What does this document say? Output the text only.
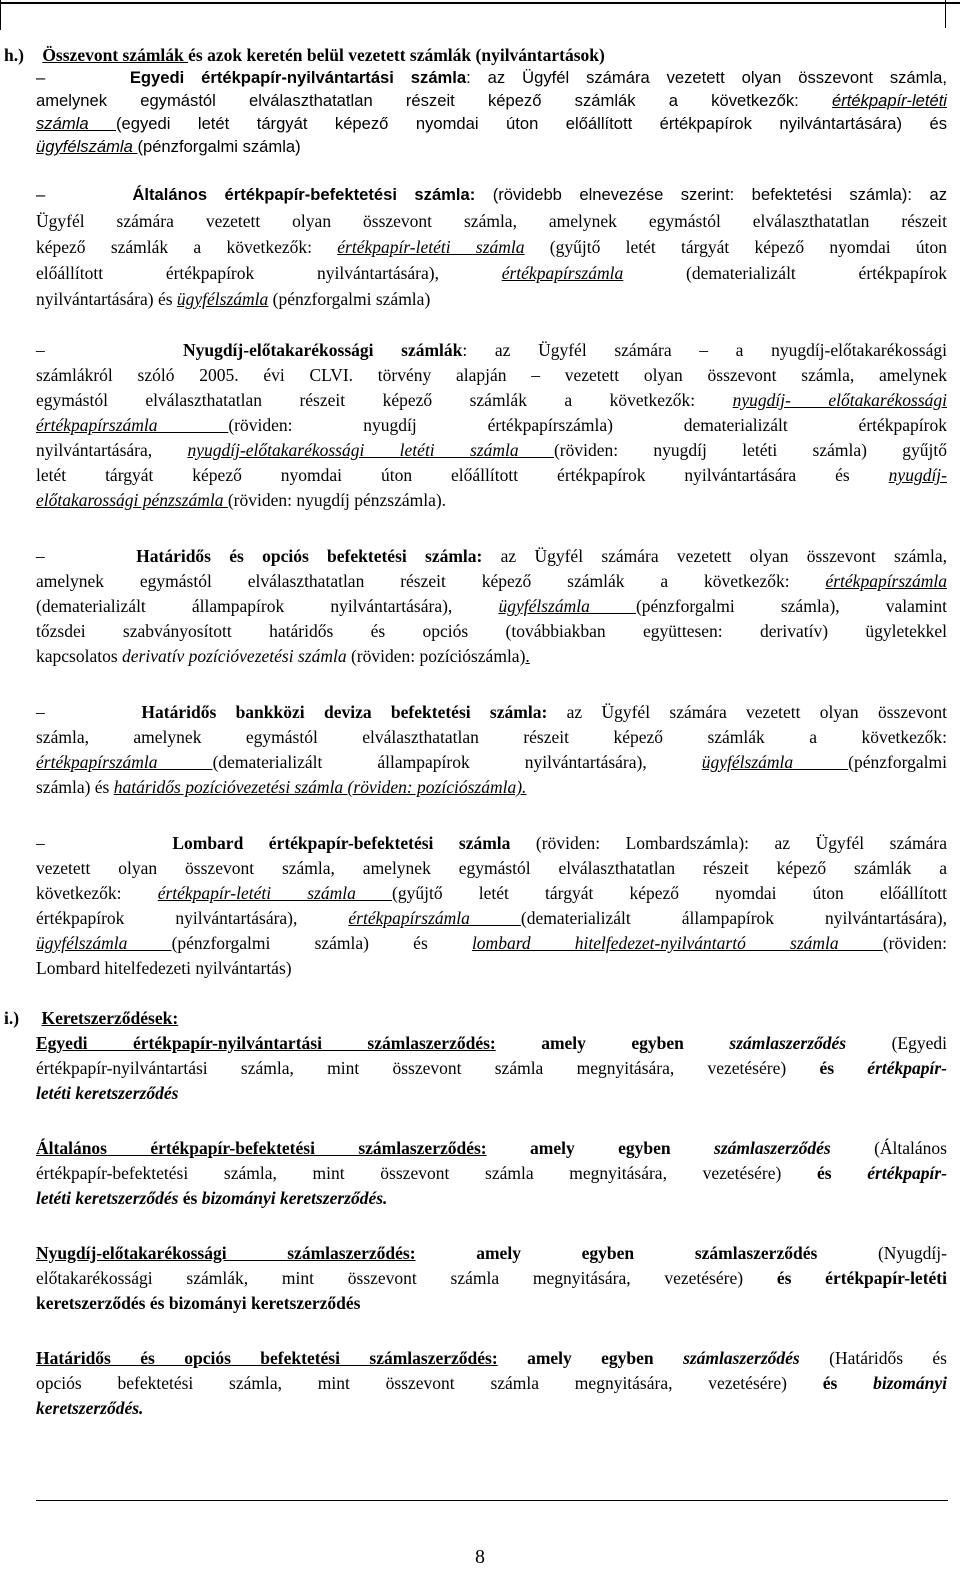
h.) Összevont számlák és azok keretén belül vezetett számlák (nyilvántartások)
–	Egyedi értékpapír-nyilvántartási számla: az Ügyfél számára vezetett olyan összevont számla,
amelynek egymástól elválaszthatatlan részeit képező számlák a következők: értékpapír-letéti
számla (egyedi letét tárgyát képező nyomdai úton előállított értékpapírok nyilvántartására) és
ügyfélszámla (pénzforgalmi számla)
–	Általános értékpapír-befektetési számla: (rövidebb elnevezése szerint: befektetési számla): az
Ügyfél számára vezetett olyan összevont számla, amelynek egymástól elválaszthatatlan részeit
képező számlák a következők: értékpapír-letéti számla (gyűjtő letét tárgyát képező nyomdai úton
előállított értékpapírok nyilvántartására), értékpapírszámla (dematerializált értékpapírok
nyilvántartására) és ügyfélszámla (pénzforgalmi számla)
–	Nyugdíj-előtakarékossági számlák: az Ügyfél számára – a nyugdíj-előtakarékossági
számlákról szóló 2005. évi CLVI. törvény alapján – vezetett olyan összevont számla, amelynek
egymástól elválaszthatatlan részeit képező számlák a következők: nyugdíj- előtakarékossági
értékpapírszámla (röviden: nyugdíj értékpapírszámla) dematerializált értékpapírok
nyilvántartására, nyugdíj-előtakarékossági letéti számla (röviden: nyugdíj letéti számla) gyűjtő
letét tárgyát képező nyomdai úton előállított értékpapírok nyilvántartására és nyugdíj-
előtakarossági pénzszámla (röviden: nyugdíj pénzszámla).
–	Határidős és opciós befektetési számla: az Ügyfél számára vezetett olyan összevont számla,
amelynek egymástól elválaszthatatlan részeit képező számlák a következők: értékpapírszámla
(dematerializált állampapírok nyilvántartására), ügyfélszámla (pénzforgalmi számla), valamint
tőzsdei szabványosított határidős és opciós (továbbiakban együttesen: derivatív) ügyletekkel
kapcsolatos derivatív pozícióvezetési számla (röviden: pozíciószámla).
–	Határidős bankközi deviza befektetési számla: az Ügyfél számára vezetett olyan összevont
számla, amelynek egymástól elválaszthatatlan részeit képező számlák a következők:
értékpapírszámla (dematerializált állampapírok nyilvántartására), ügyfélszámla (pénzforgalmi
számla) és határidős pozícióvezetési számla (röviden: pozíciószámla).
–	Lombard értékpapír-befektetési számla (röviden: Lombardszámla): az Ügyfél számára
vezetett olyan összevont számla, amelynek egymástól elválaszthatatlan részeit képező számlák a
következők: értékpapír-letéti számla (gyűjtő letét tárgyát képező nyomdai úton előállított
értékpapírok nyilvántartására), értékpapírszámla (dematerializált állampapírok nyilvántartására),
ügyfélszámla (pénzforgalmi számla) és lombard hitelfedezet-nyilvántartó számla (röviden:
Lombard hitelfedezeti nyilvántartás)
i.) Keretszerződések:
Egyedi értékpapír-nyilvántartási számlaszerződés: amely egyben számlaszerződés (Egyedi
értékpapír-nyilvántartási számla, mint összevont számla megnyitására, vezetésére) és értékpapír-
letéti keretszerződés
Általános értékpapír-befektetési számlaszerződés: amely egyben számlaszerződés (Általános
értékpapír-befektetési számla, mint összevont számla megnyitására, vezetésére) és értékpapír-
letéti keretszerződés és bizományi keretszerződés.
Nyugdíj-előtakarékossági számlaszerződés: amely egyben számlaszerződés (Nyugdíj-
előtakarékossági számlák, mint összevont számla megnyitására, vezetésére) és értékpapír-letéti
keretszerződés és bizományi keretszerződés
Határidős és opciós befektetési számlaszerződés: amely egyben számlaszerződés (Határidős és
opciós befektetési számla, mint összevont számla megnyitására, vezetésére) és bizományi
keretszerződés.
8
